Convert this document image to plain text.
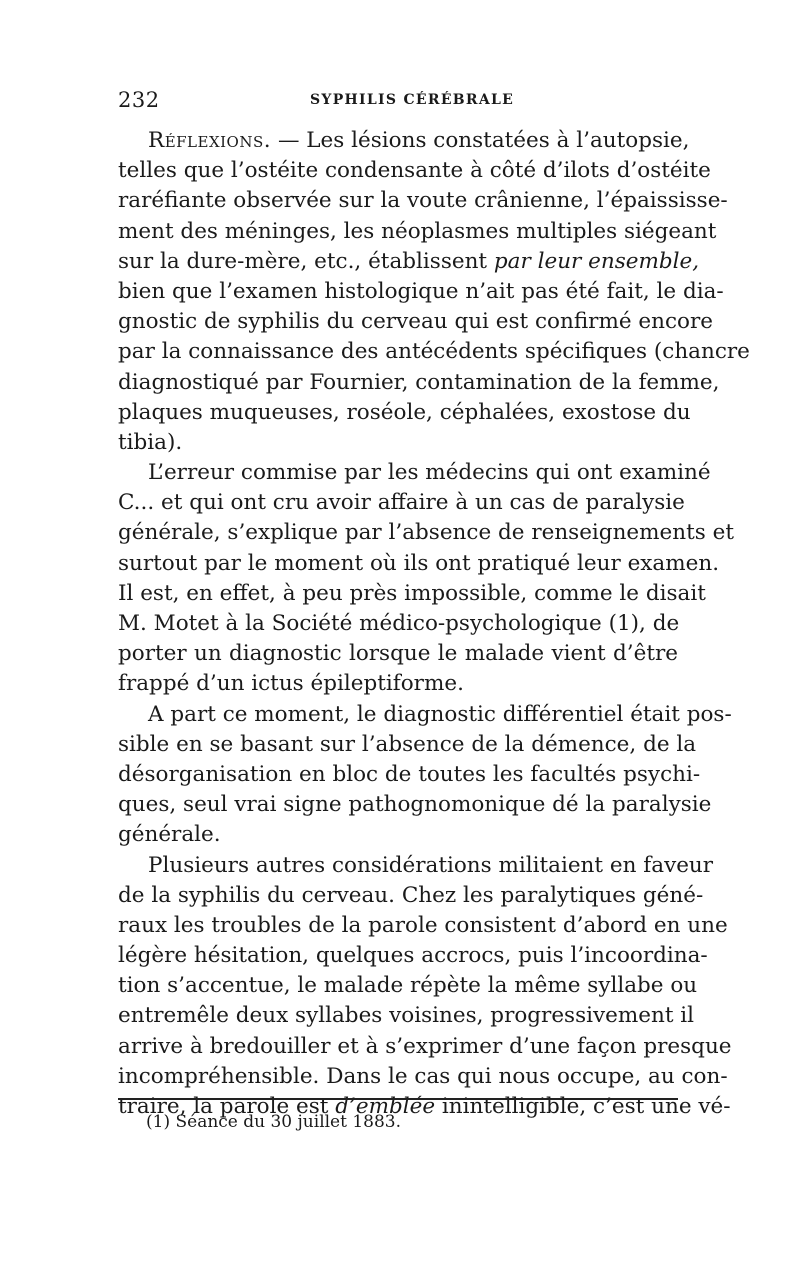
232	SYPHILIS CÉRÉBRALE
Réflexions. — Les lésions constatées à l’autopsie,
telles que l’ostéite condensante à côté d’ilots d’ostéite
raréfiante observée sur la voute crânienne, l’épaississe-
ment des méninges, les néoplasmes multiples siégeant
sur la dure-mère, etc., établissent par leur ensemble,
bien que l’examen histologique n’ait pas été fait, le dia-
gnostic de syphilis du cerveau qui est confirmé encore
par la connaissance des antécédents spécifiques (chancre
diagnostiqué par Fournier, contamination de la femme,
plaques muqueuses, roséole, céphalées, exostose du
tibia).
L’erreur commise par les médecins qui ont examiné
C... et qui ont cru avoir affaire à un cas de paralysie
générale, s’explique par l’absence de renseignements et
surtout par le moment où ils ont pratiqué leur examen.
Il est, en effet, à peu près impossible, comme le disait
M. Motet à la Société médico-psychologique (1), de
porter un diagnostic lorsque le malade vient d’être
frappé d’un ictus épileptiforme.
A part ce moment, le diagnostic différentiel était pos-
sible en se basant sur l’absence de la démence, de la
désorganisation en bloc de toutes les facultés psychi-
ques, seul vrai signe pathognomonique dé la paralysie
générale.
Plusieurs autres considérations militaient en faveur
de la syphilis du cerveau. Chez les paralytiques géné-
raux les troubles de la parole consistent d’abord en une
légère hésitation, quelques accrocs, puis l’incoordina-
tion s’accentue, le malade répète la même syllabe ou
entremêle deux syllabes voisines, progressivement il
arrive à bredouiller et à s’exprimer d’une façon presque
incompréhensible. Dans le cas qui nous occupe, au con-
traire, la parole est d’emblée inintelligible, c’est une vé-
(1) Séance du 30 juillet 1883.
